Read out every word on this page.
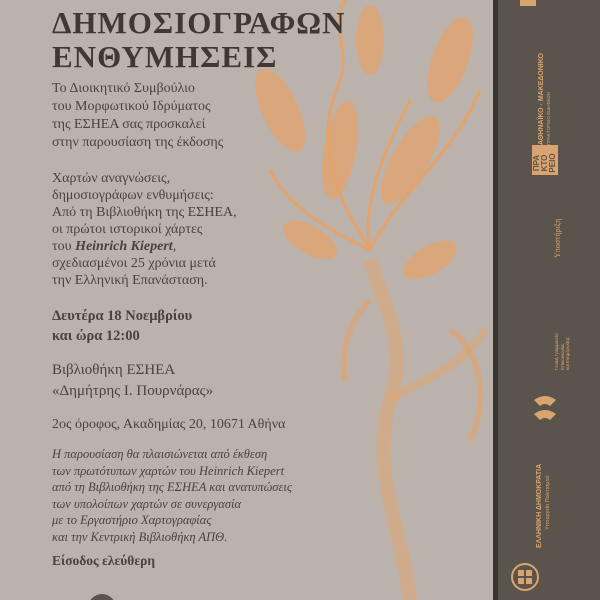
ΔΗΜΟΣΙΟΓΡΑΦΩΝ
ΕΝΘΥΜΗΣΕΙΣ
Το Διοικητικό Συμβούλιο
του Μορφωτικού Ιδρύματος
της ΕΣΗΕΑ σας προσκαλεί
στην παρουσίαση της έκδοσης
Χαρτών αναγνώσεις,
δημοσιογράφων ενθυμήσεις:
Από τη Βιβλιοθήκη της ΕΣΗΕΑ,
οι πρώτοι ιστορικοί χάρτες
του Heinrich Kiepert,
σχεδιασμένοι 25 χρόνια μετά
την Ελληνική Επανάσταση.
Δευτέρα 18 Νοεμβρίου
και ώρα 12:00
Βιβλιοθήκη ΕΣΗΕΑ
«Δημήτρης Ι. Πουρνάρας»
2ος όροφος, Ακαδημίας 20, 10671 Αθήνα
Η παρουσίαση θα πλαισιώνεται από έκθεση
των πρωτότυπων χαρτών του Heinrich Kiepert
από τη Βιβλιοθήκη της ΕΣΗΕΑ και ανατυπώσεις
των υπολοίπων χαρτών σε συνεργασία
με το Εργαστήριο Χαρτογραφίας
και την Κεντρική Βιβλιοθήκη ΑΠΘ.
Είσοδος ελεύθερη
ΑΘΗΝΑΪΚΟ - ΜΑΚΕΔΟΝΙΚΟ ΠΡΑΚΤΟΡΕΙΟ ΕΙΔΗΣΕΩΝ
ΠΡΑ ΚΤΟ ΡΕΙΟ
Υποστήριξη
Γενική Γραμματεία Επικοινωνίας και Ενημέρωσης
ΕΛΛΗΝΙΚΗ ΔΗΜΟΚΡΑΤΙΑ Υπουργείο Πολιτισμού
